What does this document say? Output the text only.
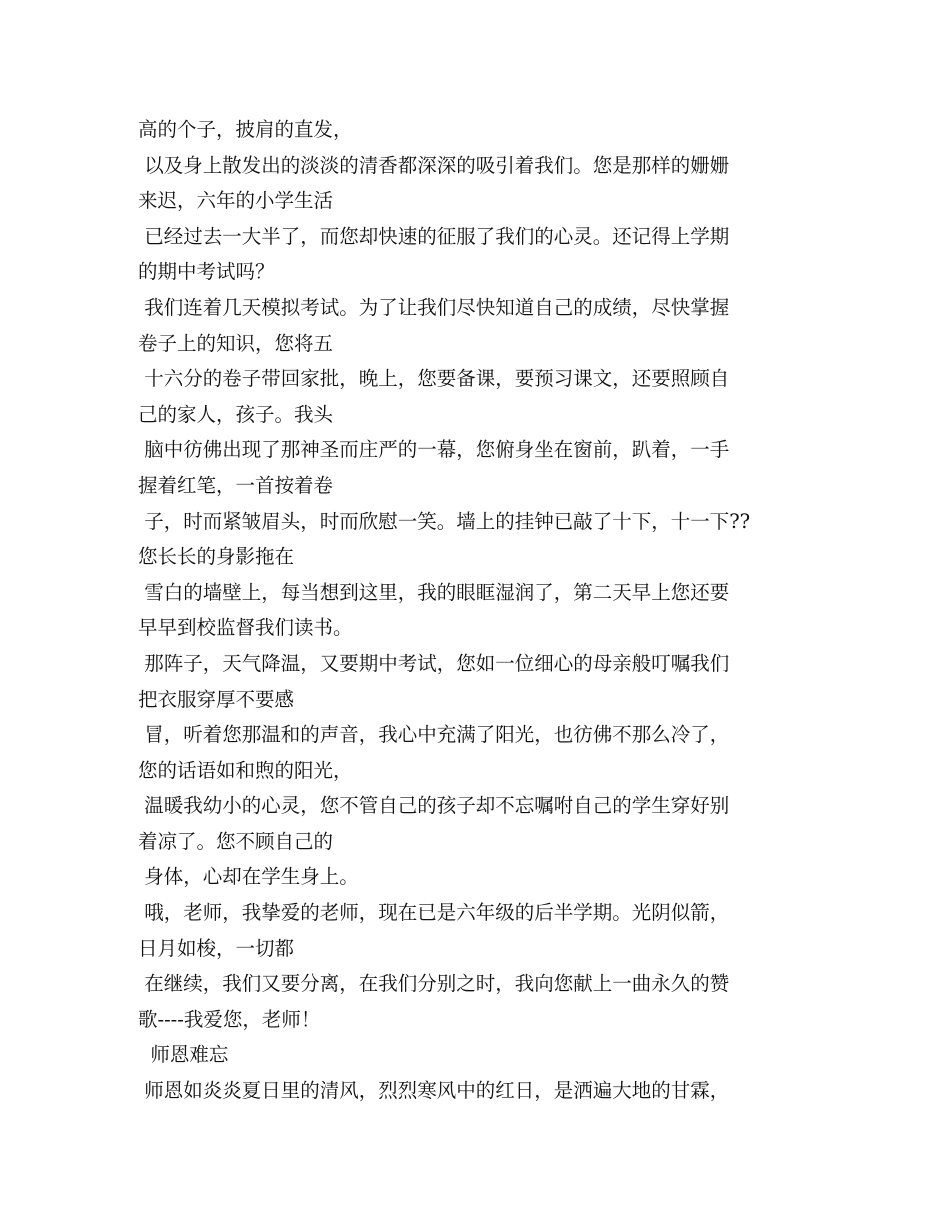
高的个子，披肩的直发，
以及身上散发出的淡淡的清香都深深的吸引着我们。您是那样的姗姗
来迟，六年的小学生活
已经过去一大半了，而您却快速的征服了我们的心灵。还记得上学期
的期中考试吗？
我们连着几天模拟考试。为了让我们尽快知道自己的成绩，尽快掌握
卷子上的知识，您将五
十六分的卷子带回家批，晚上，您要备课，要预习课文，还要照顾自
己的家人，孩子。我头
脑中彷佛出现了那神圣而庄严的一幕，您俯身坐在窗前，趴着，一手
握着红笔，一首按着卷
子，时而紧皱眉头，时而欣慰一笑。墙上的挂钟已敲了十下，十一下??
您长长的身影拖在
雪白的墙壁上，每当想到这里，我的眼眶湿润了，第二天早上您还要
早早到校监督我们读书。
那阵子，天气降温，又要期中考试，您如一位细心的母亲般叮嘱我们
把衣服穿厚不要感
冒，听着您那温和的声音，我心中充满了阳光，也彷佛不那么冷了，
您的话语如和煦的阳光，
温暖我幼小的心灵，您不管自己的孩子却不忘嘱咐自己的学生穿好别
着凉了。您不顾自己的
身体，心却在学生身上。
哦，老师，我挚爱的老师，现在已是六年级的后半学期。光阴似箭，
日月如梭，一切都
在继续，我们又要分离，在我们分别之时，我向您献上一曲永久的赞
歌----我爱您，老师！
师恩难忘
师恩如炎炎夏日里的清风，烈烈寒风中的红日，是洒遍大地的甘霖，
